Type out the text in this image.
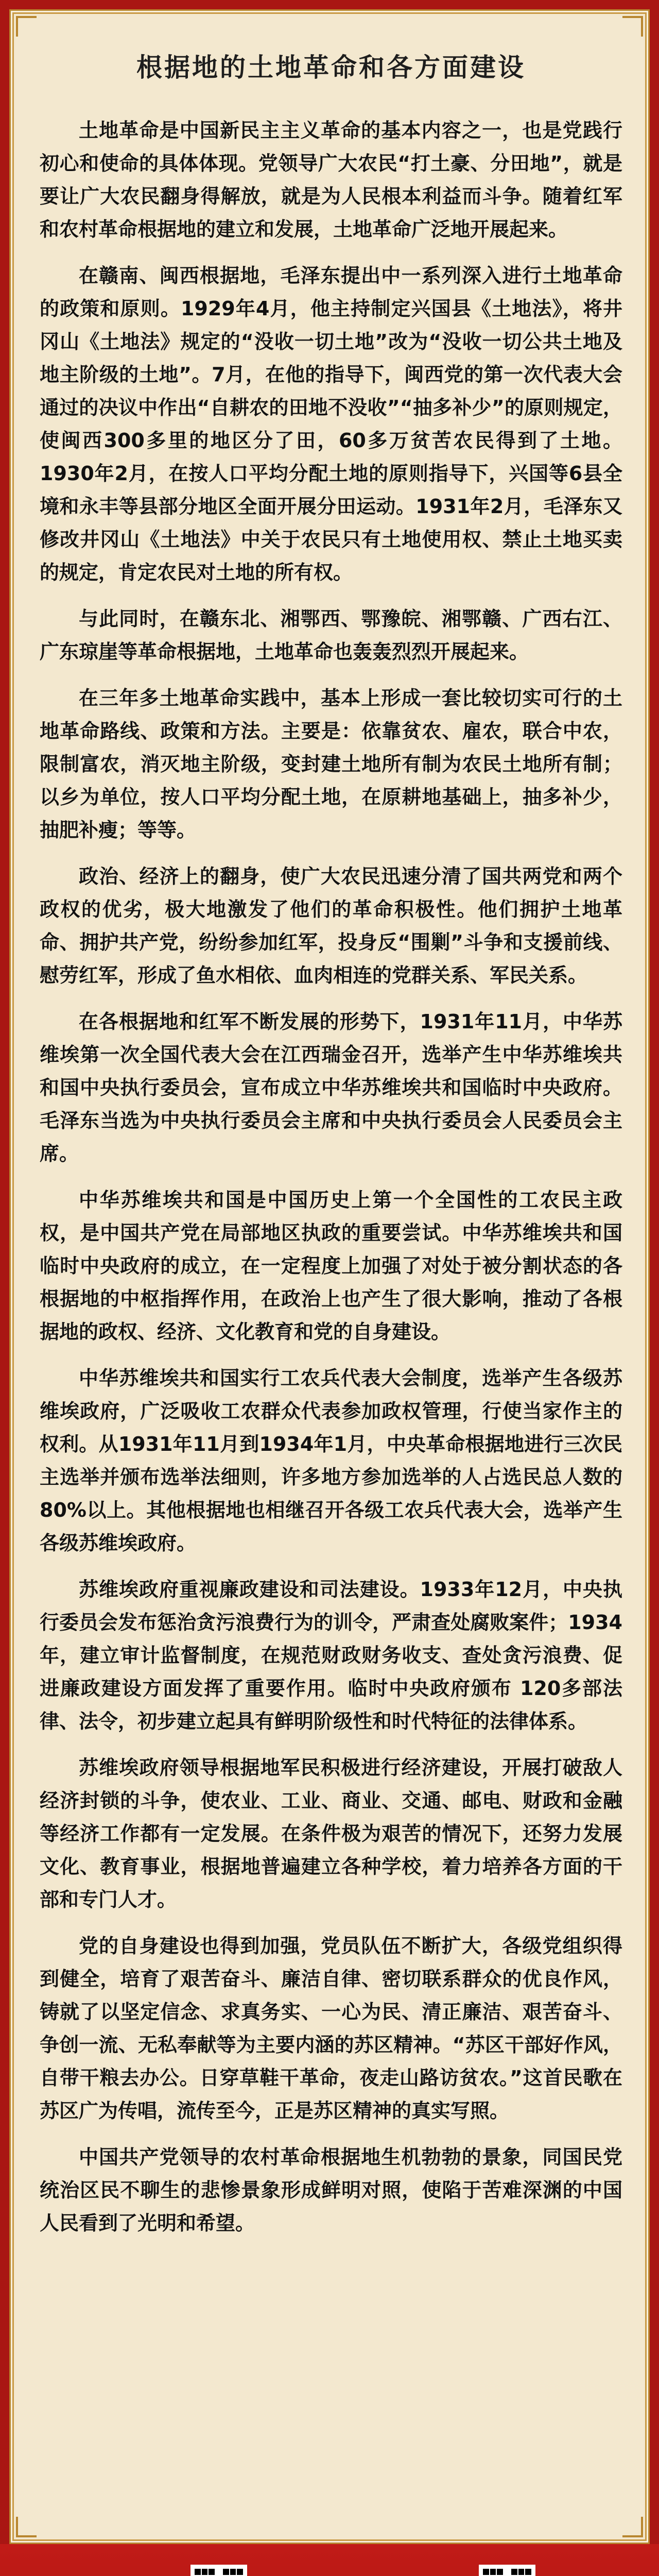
根据地的土地革命和各方面建设

土地革命是中国新民主主义革命的基本内容之一，也是党践行初心和使命的具体体现。党领导广大农民“打土豪、分田地”，就是要让广大农民翻身得解放，就是为人民根本利益而斗争。随着红军和农村革命根据地的建立和发展，土地革命广泛地开展起来。

在赣南、闽西根据地，毛泽东提出中一系列深入进行土地革命的政策和原则。1929年4月，他主持制定兴国县《土地法》，将井冈山《土地法》规定的“没收一切土地”改为“没收一切公共土地及地主阶级的土地”。7月，在他的指导下，闽西党的第一次代表大会通过的决议中作出“自耕农的田地不没收”“抽多补少”的原则规定，使闽西300多里的地区分了田，60多万贫苦农民得到了土地。1930年2月，在按人口平均分配土地的原则指导下，兴国等6县全境和永丰等县部分地区全面开展分田运动。1931年2月，毛泽东又修改井冈山《土地法》中关于农民只有土地使用权、禁止土地买卖的规定，肯定农民对土地的所有权。

与此同时，在赣东北、湘鄂西、鄂豫皖、湘鄂赣、广西右江、广东琼崖等革命根据地，土地革命也轰轰烈烈开展起来。

在三年多土地革命实践中，基本上形成一套比较切实可行的土地革命路线、政策和方法。主要是：依靠贫农、雇农，联合中农，限制富农，消灭地主阶级，变封建土地所有制为农民土地所有制；以乡为单位，按人口平均分配土地，在原耕地基础上，抽多补少，抽肥补瘦；等等。

政治、经济上的翻身，使广大农民迅速分清了国共两党和两个政权的优劣，极大地激发了他们的革命积极性。他们拥护土地革命、拥护共产党，纷纷参加红军，投身反“围剿”斗争和支援前线、慰劳红军，形成了鱼水相依、血肉相连的党群关系、军民关系。

在各根据地和红军不断发展的形势下，1931年11月，中华苏维埃第一次全国代表大会在江西瑞金召开，选举产生中华苏维埃共和国中央执行委员会，宣布成立中华苏维埃共和国临时中央政府。毛泽东当选为中央执行委员会主席和中央执行委员会人民委员会主席。

中华苏维埃共和国是中国历史上第一个全国性的工农民主政权，是中国共产党在局部地区执政的重要尝试。中华苏维埃共和国临时中央政府的成立，在一定程度上加强了对处于被分割状态的各根据地的中枢指挥作用，在政治上也产生了很大影响，推动了各根据地的政权、经济、文化教育和党的自身建设。

中华苏维埃共和国实行工农兵代表大会制度，选举产生各级苏维埃政府，广泛吸收工农群众代表参加政权管理，行使当家作主的权利。从1931年11月到1934年1月，中央革命根据地进行三次民主选举并颁布选举法细则，许多地方参加选举的人占选民总人数的80%以上。其他根据地也相继召开各级工农兵代表大会，选举产生各级苏维埃政府。

苏维埃政府重视廉政建设和司法建设。1933年12月，中央执行委员会发布惩治贪污浪费行为的训令，严肃查处腐败案件；1934年，建立审计监督制度，在规范财政财务收支、查处贪污浪费、促进廉政建设方面发挥了重要作用。临时中央政府颁布 120多部法律、法令，初步建立起具有鲜明阶级性和时代特征的法律体系。

苏维埃政府领导根据地军民积极进行经济建设，开展打破敌人经济封锁的斗争，使农业、工业、商业、交通、邮电、财政和金融等经济工作都有一定发展。在条件极为艰苦的情况下，还努力发展文化、教育事业，根据地普遍建立各种学校，着力培养各方面的干部和专门人才。

党的自身建设也得到加强，党员队伍不断扩大，各级党组织得到健全，培育了艰苦奋斗、廉洁自律、密切联系群众的优良作风，铸就了以坚定信念、求真务实、一心为民、清正廉洁、艰苦奋斗、争创一流、无私奉献等为主要内涵的苏区精神。“苏区干部好作风，自带干粮去办公。日穿草鞋干革命，夜走山路访贫农。”这首民歌在苏区广为传唱，流传至今，正是苏区精神的真实写照。

中国共产党领导的农村革命根据地生机勃勃的景象，同国民党统治区民不聊生的悲惨景象形成鲜明对照，使陷于苦难深渊的中国人民看到了光明和希望。
